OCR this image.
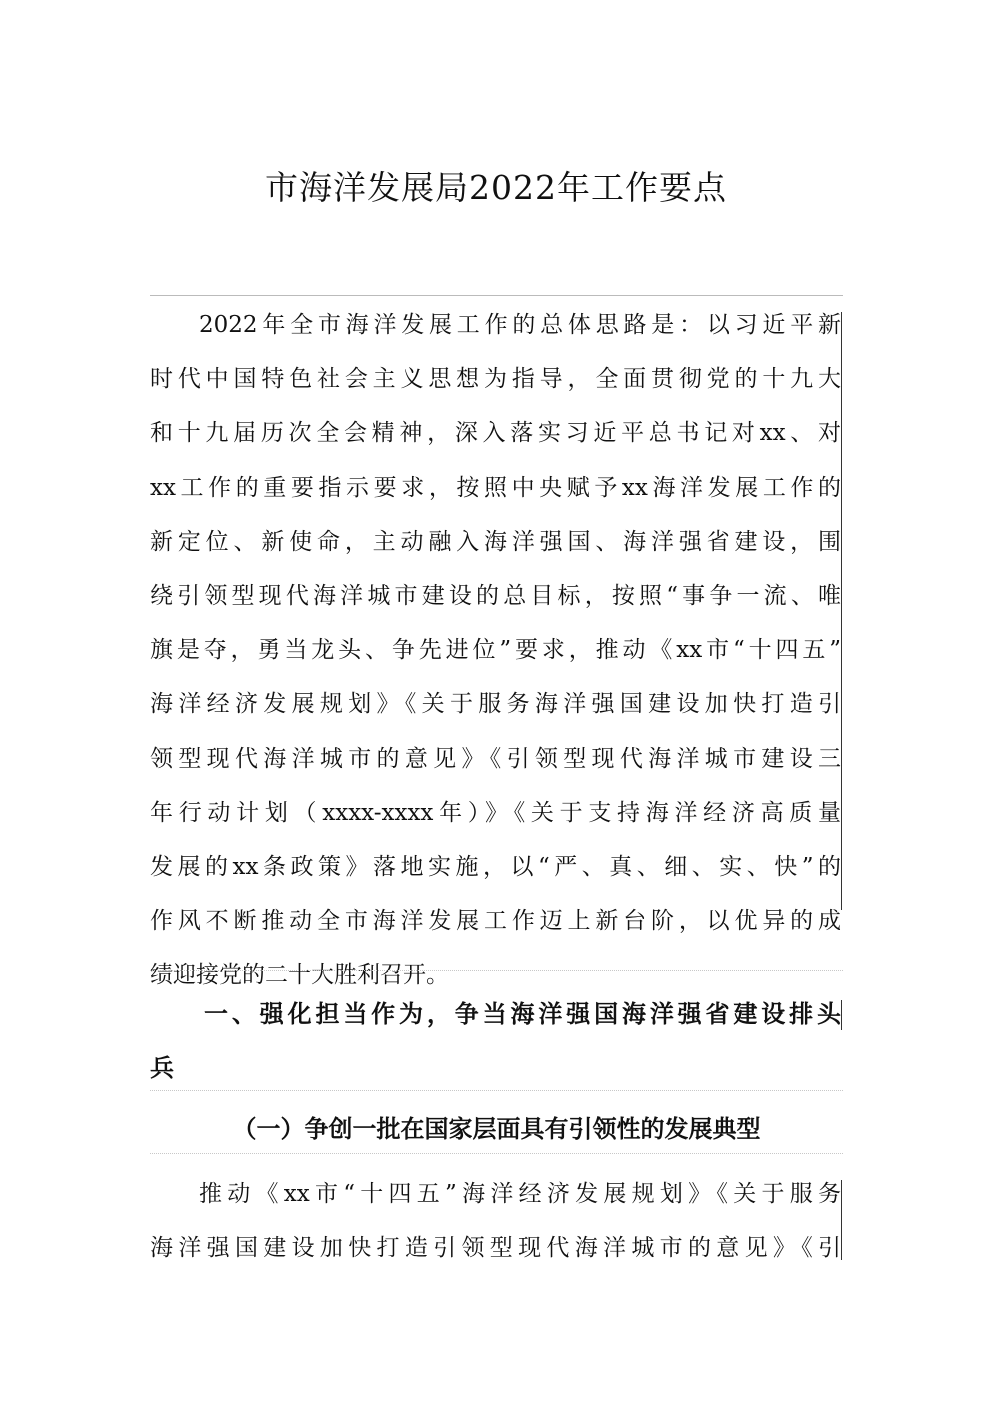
市海洋发展局2022年工作要点
2022年全市海洋发展工作的总体思路是：以习近平新
时代中国特色社会主义思想为指导，全面贯彻党的十九大
和十九届历次全会精神，深入落实习近平总书记对xx、对
xx工作的重要指示要求，按照中央赋予xx海洋发展工作的
新定位、新使命，主动融入海洋强国、海洋强省建设，围
绕引领型现代海洋城市建设的总目标，按照“事争一流、唯
旗是夺，勇当龙头、争先进位”要求，推动《xx市“十四五”
海洋经济发展规划》《关于服务海洋强国建设加快打造引
领型现代海洋城市的意见》《引领型现代海洋城市建设三
年行动计划（xxxx-xxxx年）》《关于支持海洋经济高质量
发展的xx条政策》落地实施，以“严、真、细、实、快”的
作风不断推动全市海洋发展工作迈上新台阶，以优异的成
绩迎接党的二十大胜利召开。
一、强化担当作为，争当海洋强国海洋强省建设排头
兵
（一）争创一批在国家层面具有引领性的发展典型
推动《xx市“十四五”海洋经济发展规划》《关于服务
海洋强国建设加快打造引领型现代海洋城市的意见》《引
